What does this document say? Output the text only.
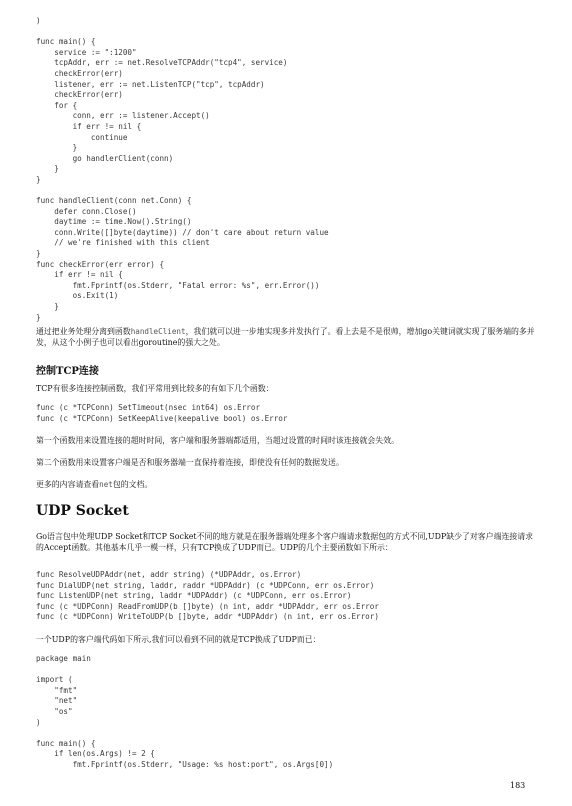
)

func main() {
service := ":1200"
tcpAddr, err := net.ResolveTCPAddr("tcp4", service)
checkError(err)
listener, err := net.ListenTCP("tcp", tcpAddr)
checkError(err)
for {
conn, err := listener.Accept()
if err != nil {
continue
}
go handlerClient(conn)
}
}

func handleClient(conn net.Conn) {
defer conn.Close()
daytime := time.Now().String()
conn.Write([]byte(daytime)) // don't care about return value
// we're finished with this client
}
func checkError(err error) {
if err != nil {
fmt.Fprintf(os.Stderr, "Fatal error: %s", err.Error())
os.Exit(1)
}
}

通过把业务处理分离到函数handleClient，我们就可以进一步地实现多并发执行了。看上去是不是很帅，增加go关键词就实现了服务端的多并发，从这个小例子也可以看出goroutine的强大之处。

控制TCP连接

TCP有很多连接控制函数，我们平常用到比较多的有如下几个函数：

func (c *TCPConn) SetTimeout(nsec int64) os.Error
func (c *TCPConn) SetKeepAlive(keepalive bool) os.Error

第一个函数用来设置连接的超时时间，客户端和服务器端都适用，当超过设置的时间时该连接就会失效。

第二个函数用来设置客户端是否和服务器端一直保持着连接，即使没有任何的数据发送。

更多的内容请查看net包的文档。

UDP Socket

Go语言包中处理UDP Socket和TCP Socket不同的地方就是在服务器端处理多个客户端请求数据包的方式不同,UDP缺少了对客户端连接请求的Accept函数。其他基本几乎一模一样，只有TCP换成了UDP而已。UDP的几个主要函数如下所示：

func ResolveUDPAddr(net, addr string) (*UDPAddr, os.Error)
func DialUDP(net string, laddr, raddr *UDPAddr) (c *UDPConn, err os.Error)
func ListenUDP(net string, laddr *UDPAddr) (c *UDPConn, err os.Error)
func (c *UDPConn) ReadFromUDP(b []byte) (n int, addr *UDPAddr, err os.Error
func (c *UDPConn) WriteToUDP(b []byte, addr *UDPAddr) (n int, err os.Error)

一个UDP的客户端代码如下所示,我们可以看到不同的就是TCP换成了UDP而已：

package main

import (
"fmt"
"net"
"os"
)

func main() {
if len(os.Args) != 2 {
fmt.Fprintf(os.Stderr, "Usage: %s host:port", os.Args[0])

183
